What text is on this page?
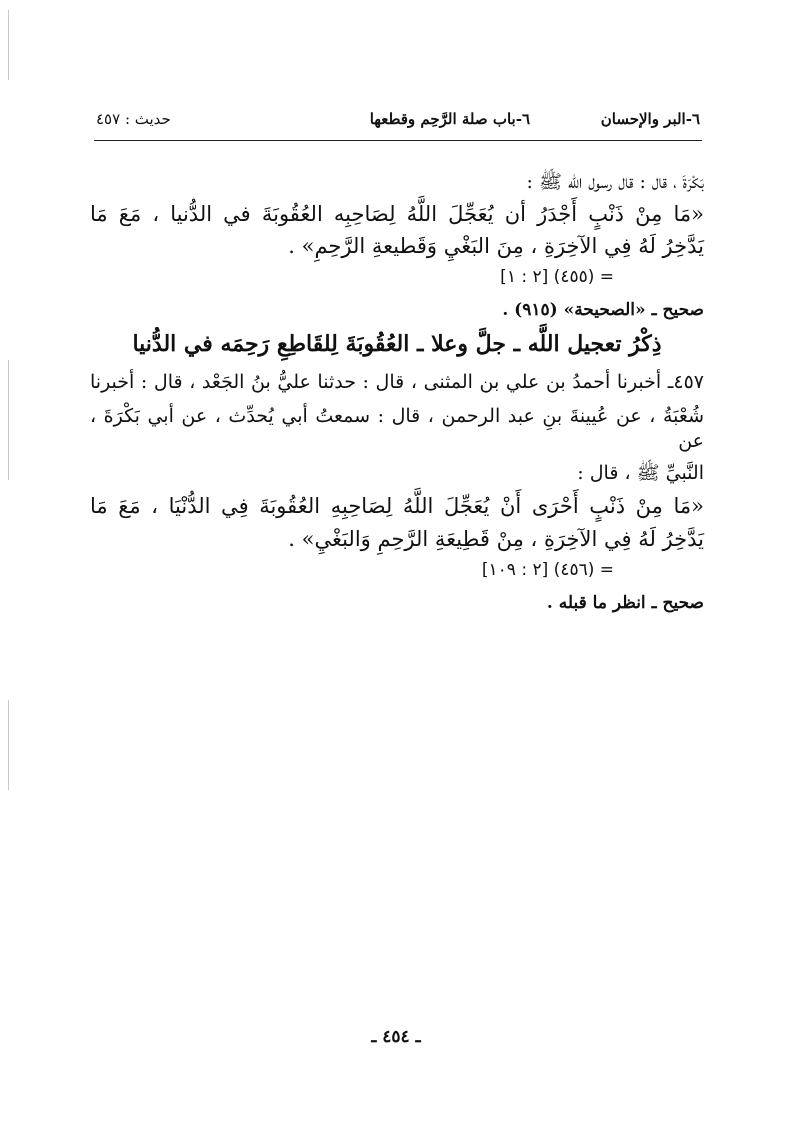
٦-البر والإحسان
٦-باب صلة الرَّحِم وقطعها
حديث : ٤٥٧
بَكْرَةَ ، قال : قال رسول الله ﷺ :
«مَا مِنْ ذَنْبٍ أَجْدَرُ أن يُعَجِّلَ اللَّهُ لِصَاحِبِه العُقُوبَةَ في الدُّنيا ، مَعَ مَا
يَدَّخِرُ لَهُ فِي الآخِرَةِ ، مِنَ البَغْيِ وَقَطيعةِ الرَّحِمِ» .
= (٤٥٥) [٢ : ١]
صحيح ـ «الصحيحة» (٩١٥) .
ذِكْرُ تعجيل اللَّه ـ جلَّ وعلا ـ العُقُوبَةَ لِلقَاطِعِ رَحِمَه في الدُّنيا
٤٥٧ـ أخبرنا أحمدُ بن علي بن المثنى ، قال : حدثنا عليُّ بنُ الجَعْد ، قال : أخبرنا
شُعْبَةُ ، عن عُيينةَ بنِ عبد الرحمن ، قال : سمعتُ أبي يُحدِّث ، عن أبي بَكْرَةَ ، عن
النَّبيِّ ﷺ ، قال :
«مَا مِنْ ذَنْبٍ أَحْرَى أَنْ يُعَجِّلَ اللَّهُ لِصَاحِبِهِ العُقُوبَةَ فِي الدُّنْيَا ، مَعَ مَا
يَدَّخِرُ لَهُ فِي الآخِرَةِ ، مِنْ قَطِيعَةِ الرَّحِمِ وَالبَغْيِ» .
= (٤٥٦) [٢ : ١٠٩]
صحيح ـ انظر ما قبله .
ـ ٤٥٤ ـ
